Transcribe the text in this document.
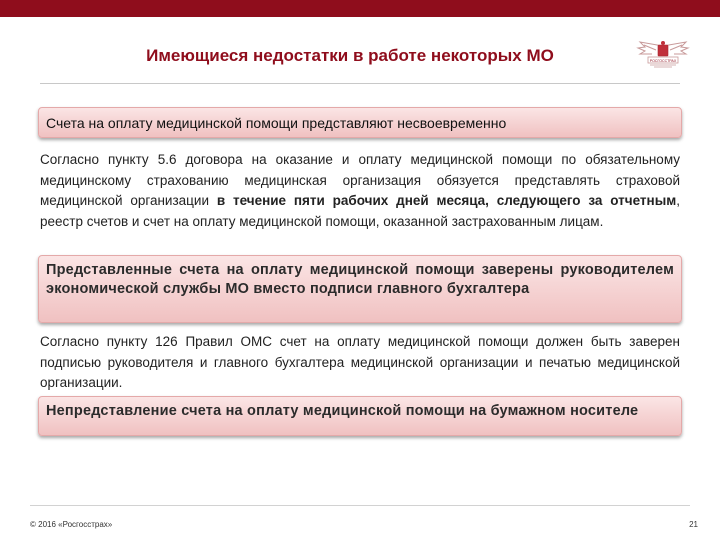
Имеющиеся недостатки в работе некоторых МО	РОСГОССТРАХ
Счета на оплату медицинской помощи представляют несвоевременно
Согласно пункту 5.6 договора на оказание и оплату медицинской помощи по обязательному медицинскому страхованию медицинская организация обязуется представлять страховой медицинской организации в течение пяти рабочих дней месяца, следующего за отчетным, реестр счетов и счет на оплату медицинской помощи, оказанной застрахованным лицам.
Представленные счета на оплату медицинской помощи заверены руководителем экономической службы МО вместо подписи главного бухгалтера
Согласно пункту 126 Правил ОМС счет на оплату медицинской помощи должен быть заверен подписью руководителя и главного бухгалтера медицинской организации и печатью медицинской организации.
Непредставление счета на оплату медицинской помощи на бумажном носителе
© 2016 «Росгосстрах»	21
